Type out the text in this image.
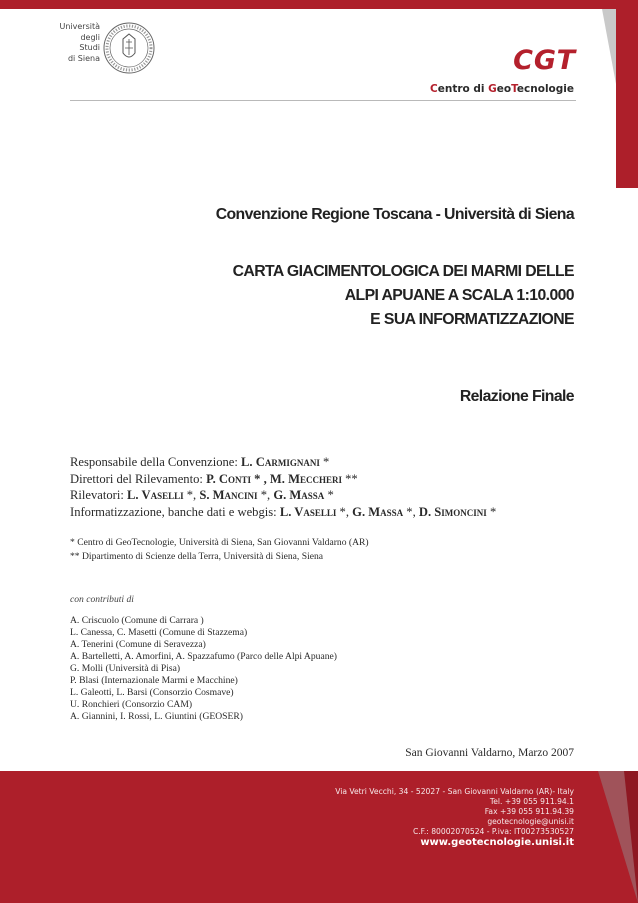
Università
degli
Studi
di Siena	CGT
Centro di GeoTecnologie
Convenzione Regione Toscana - Università di Siena
CARTA GIACIMENTOLOGICA DEI MARMI DELLE
ALPI APUANE A SCALA 1:10.000
E SUA INFORMATIZZAZIONE
Relazione Finale
Responsabile della Convenzione: L. Carmignani *
Direttori del Rilevamento: P. Conti * , M. Meccheri **
Rilevatori: L. Vaselli *, S. Mancini *, G. Massa *
Informatizzazione, banche dati e webgis: L. Vaselli *, G. Massa *, D. Simoncini *
* Centro di GeoTecnologie, Università di Siena, San Giovanni Valdarno (AR)
** Dipartimento di Scienze della Terra, Università di Siena, Siena
con contributi di
A. Criscuolo (Comune di Carrara )
L. Canessa, C. Masetti (Comune di Stazzema)
A. Tenerini (Comune di Seravezza)
A. Bartelletti, A. Amorfini, A. Spazzafumo (Parco delle Alpi Apuane)
G. Molli (Università di Pisa)
P. Blasi (Internazionale Marmi e Macchine)
L. Galeotti, L. Barsi (Consorzio Cosmave)
U. Ronchieri (Consorzio CAM)
A. Giannini, I. Rossi, L. Giuntini (GEOSER)
San Giovanni Valdarno, Marzo 2007
Via Vetri Vecchi, 34 - 52027 - San Giovanni Valdarno (AR)- Italy
Tel. +39 055 911.94.1
Fax +39 055 911.94.39
geotecnologie@unisi.it
C.F.: 80002070524 - P.iva: IT00273530527
www.geotecnologie.unisi.it
